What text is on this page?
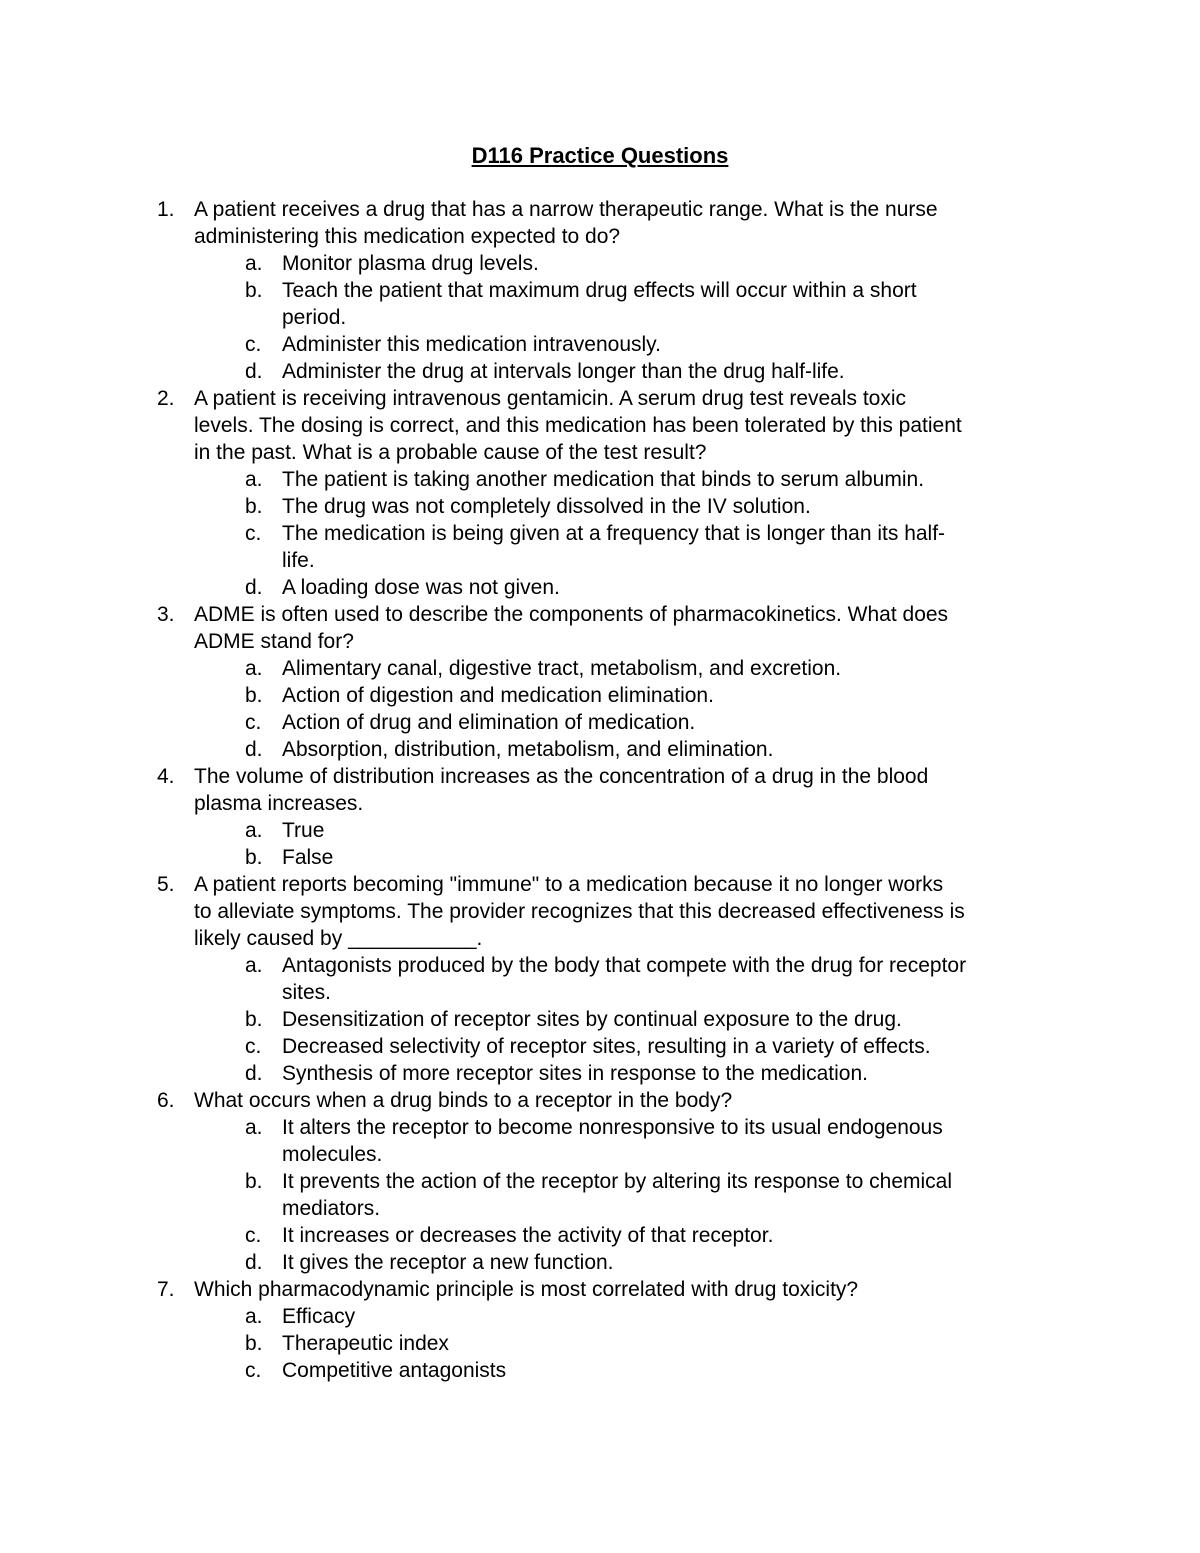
D116 Practice Questions
1. A patient receives a drug that has a narrow therapeutic range. What is the nurse
administering this medication expected to do?
a. Monitor plasma drug levels.
b. Teach the patient that maximum drug effects will occur within a short
period.
c. Administer this medication intravenously.
d. Administer the drug at intervals longer than the drug half-life.
2. A patient is receiving intravenous gentamicin. A serum drug test reveals toxic
levels. The dosing is correct, and this medication has been tolerated by this patient
in the past. What is a probable cause of the test result?
a. The patient is taking another medication that binds to serum albumin.
b. The drug was not completely dissolved in the IV solution.
c. The medication is being given at a frequency that is longer than its half-
life.
d. A loading dose was not given.
3. ADME is often used to describe the components of pharmacokinetics. What does
ADME stand for?
a. Alimentary canal, digestive tract, metabolism, and excretion.
b. Action of digestion and medication elimination.
c. Action of drug and elimination of medication.
d. Absorption, distribution, metabolism, and elimination.
4. The volume of distribution increases as the concentration of a drug in the blood
plasma increases.
a. True
b. False
5. A patient reports becoming "immune" to a medication because it no longer works
to alleviate symptoms. The provider recognizes that this decreased effectiveness is
likely caused by ___________.
a. Antagonists produced by the body that compete with the drug for receptor
sites.
b. Desensitization of receptor sites by continual exposure to the drug.
c. Decreased selectivity of receptor sites, resulting in a variety of effects.
d. Synthesis of more receptor sites in response to the medication.
6. What occurs when a drug binds to a receptor in the body?
a. It alters the receptor to become nonresponsive to its usual endogenous
molecules.
b. It prevents the action of the receptor by altering its response to chemical
mediators.
c. It increases or decreases the activity of that receptor.
d. It gives the receptor a new function.
7. Which pharmacodynamic principle is most correlated with drug toxicity?
a. Efficacy
b. Therapeutic index
c. Competitive antagonists
